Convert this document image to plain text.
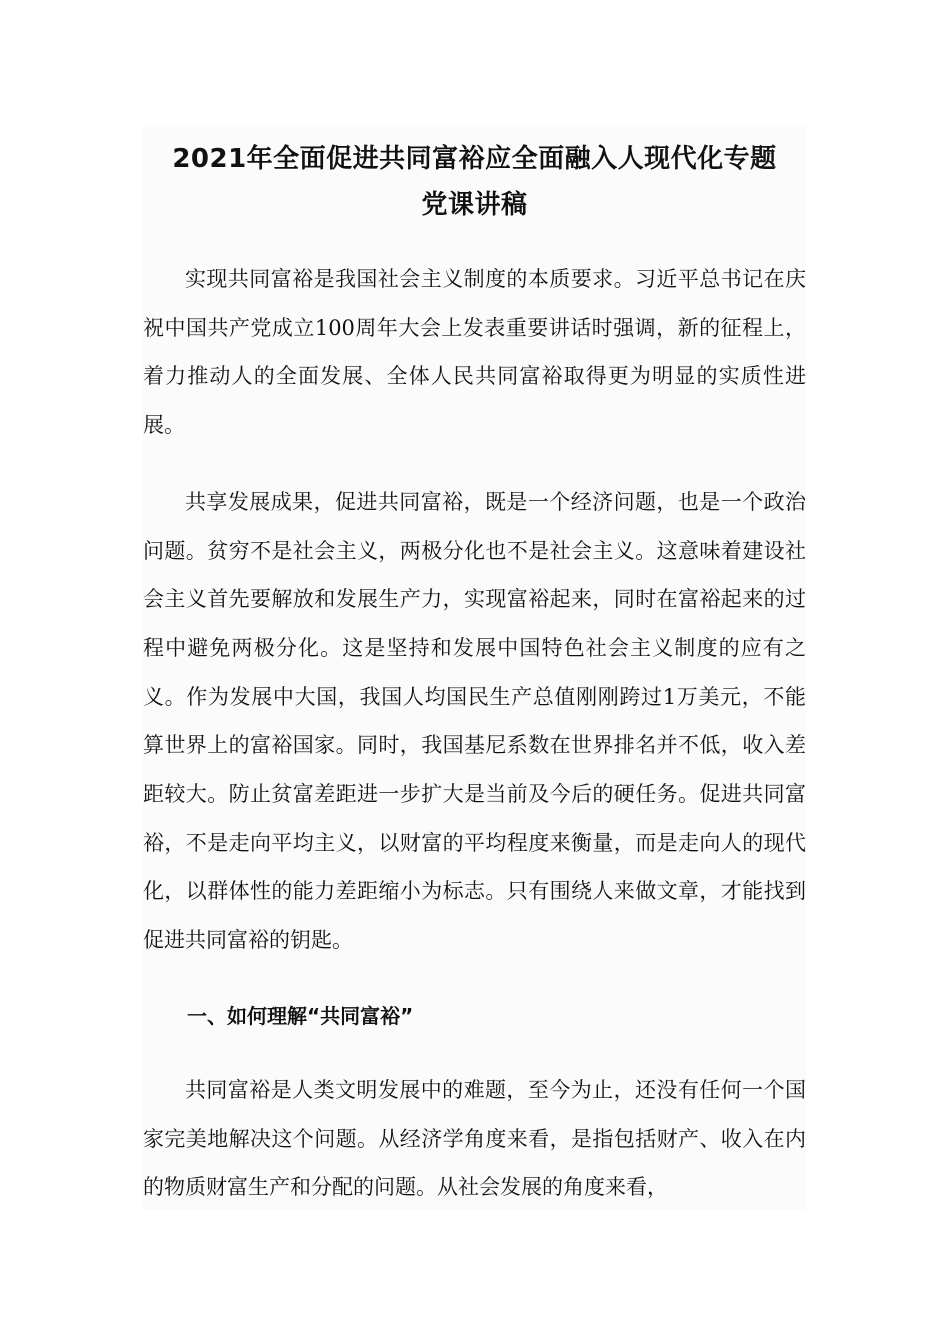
2021年全面促进共同富裕应全面融入人现代化专题
党课讲稿

实现共同富裕是我国社会主义制度的本质要求。习近平总书记在庆祝中国共产党成立100周年大会上发表重要讲话时强调，新的征程上，着力推动人的全面发展、全体人民共同富裕取得更为明显的实质性进展。

共享发展成果，促进共同富裕，既是一个经济问题，也是一个政治问题。贫穷不是社会主义，两极分化也不是社会主义。这意味着建设社会主义首先要解放和发展生产力，实现富裕起来，同时在富裕起来的过程中避免两极分化。这是坚持和发展中国特色社会主义制度的应有之义。作为发展中大国，我国人均国民生产总值刚刚跨过1万美元，不能算世界上的富裕国家。同时，我国基尼系数在世界排名并不低，收入差距较大。防止贫富差距进一步扩大是当前及今后的硬任务。促进共同富裕，不是走向平均主义，以财富的平均程度来衡量，而是走向人的现代化，以群体性的能力差距缩小为标志。只有围绕人来做文章，才能找到促进共同富裕的钥匙。

一、如何理解“共同富裕”

共同富裕是人类文明发展中的难题，至今为止，还没有任何一个国家完美地解决这个问题。从经济学角度来看，是指包括财产、收入在内的物质财富生产和分配的问题。从社会发展的角度来看，
